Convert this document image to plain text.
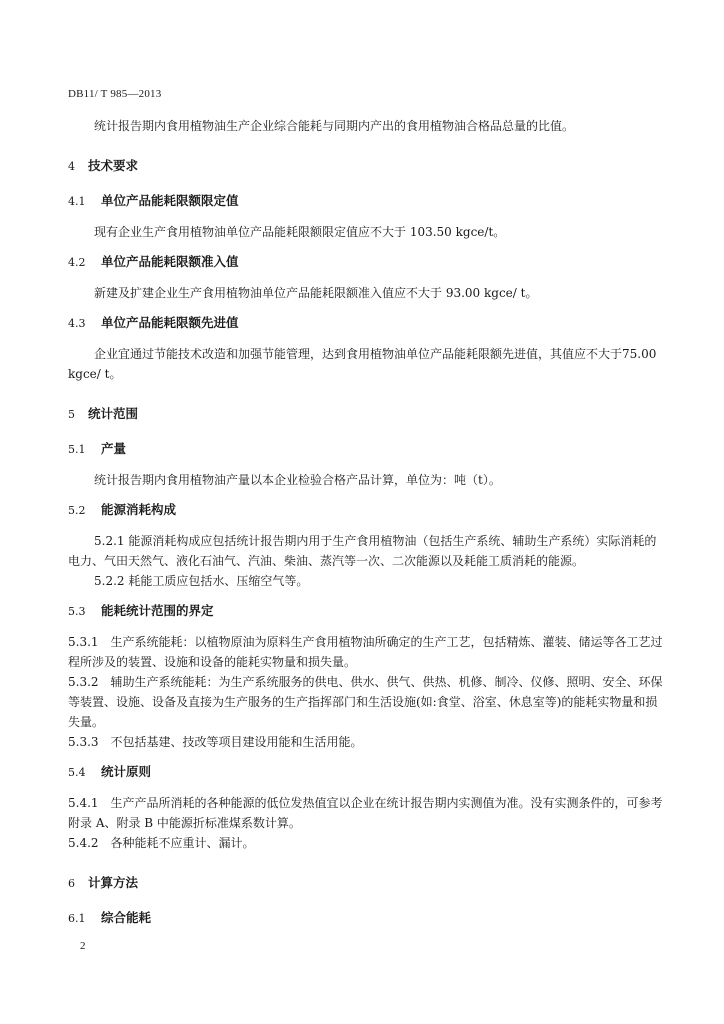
DB11/ T 985—2013

统计报告期内食用植物油生产企业综合能耗与同期内产出的食用植物油合格品总量的比值。

4 技术要求

4.1 单位产品能耗限额限定值

现有企业生产食用植物油单位产品能耗限额限定值应不大于 103.50 kgce/t。

4.2 单位产品能耗限额准入值

新建及扩建企业生产食用植物油单位产品能耗限额准入值应不大于 93.00 kgce/ t。

4.3 单位产品能耗限额先进值

企业宜通过节能技术改造和加强节能管理，达到食用植物油单位产品能耗限额先进值，其值应不大于75.00 kgce/ t。

5 统计范围

5.1 产量

统计报告期内食用植物油产量以本企业检验合格产品计算，单位为：吨（t）。

5.2 能源消耗构成

5.2.1 能源消耗构成应包括统计报告期内用于生产食用植物油（包括生产系统、辅助生产系统）实际消耗的电力、气田天然气、液化石油气、汽油、柴油、蒸汽等一次、二次能源以及耗能工质消耗的能源。

5.2.2 耗能工质应包括水、压缩空气等。

5.3 能耗统计范围的界定

5.3.1　生产系统能耗：以植物原油为原料生产食用植物油所确定的生产工艺，包括精炼、灌装、储运等各工艺过程所涉及的装置、设施和设备的能耗实物量和损失量。

5.3.2　辅助生产系统能耗：为生产系统服务的供电、供水、供气、供热、机修、制冷、仪修、照明、安全、环保等装置、设施、设备及直接为生产服务的生产指挥部门和生活设施(如:食堂、浴室、休息室等)的能耗实物量和损失量。

5.3.3　不包括基建、技改等项目建设用能和生活用能。

5.4 统计原则

5.4.1　生产产品所消耗的各种能源的低位发热值宜以企业在统计报告期内实测值为准。没有实测条件的，可参考附录 A、附录 B 中能源折标准煤系数计算。

5.4.2　各种能耗不应重计、漏计。

6 计算方法

6.1 综合能耗

2
